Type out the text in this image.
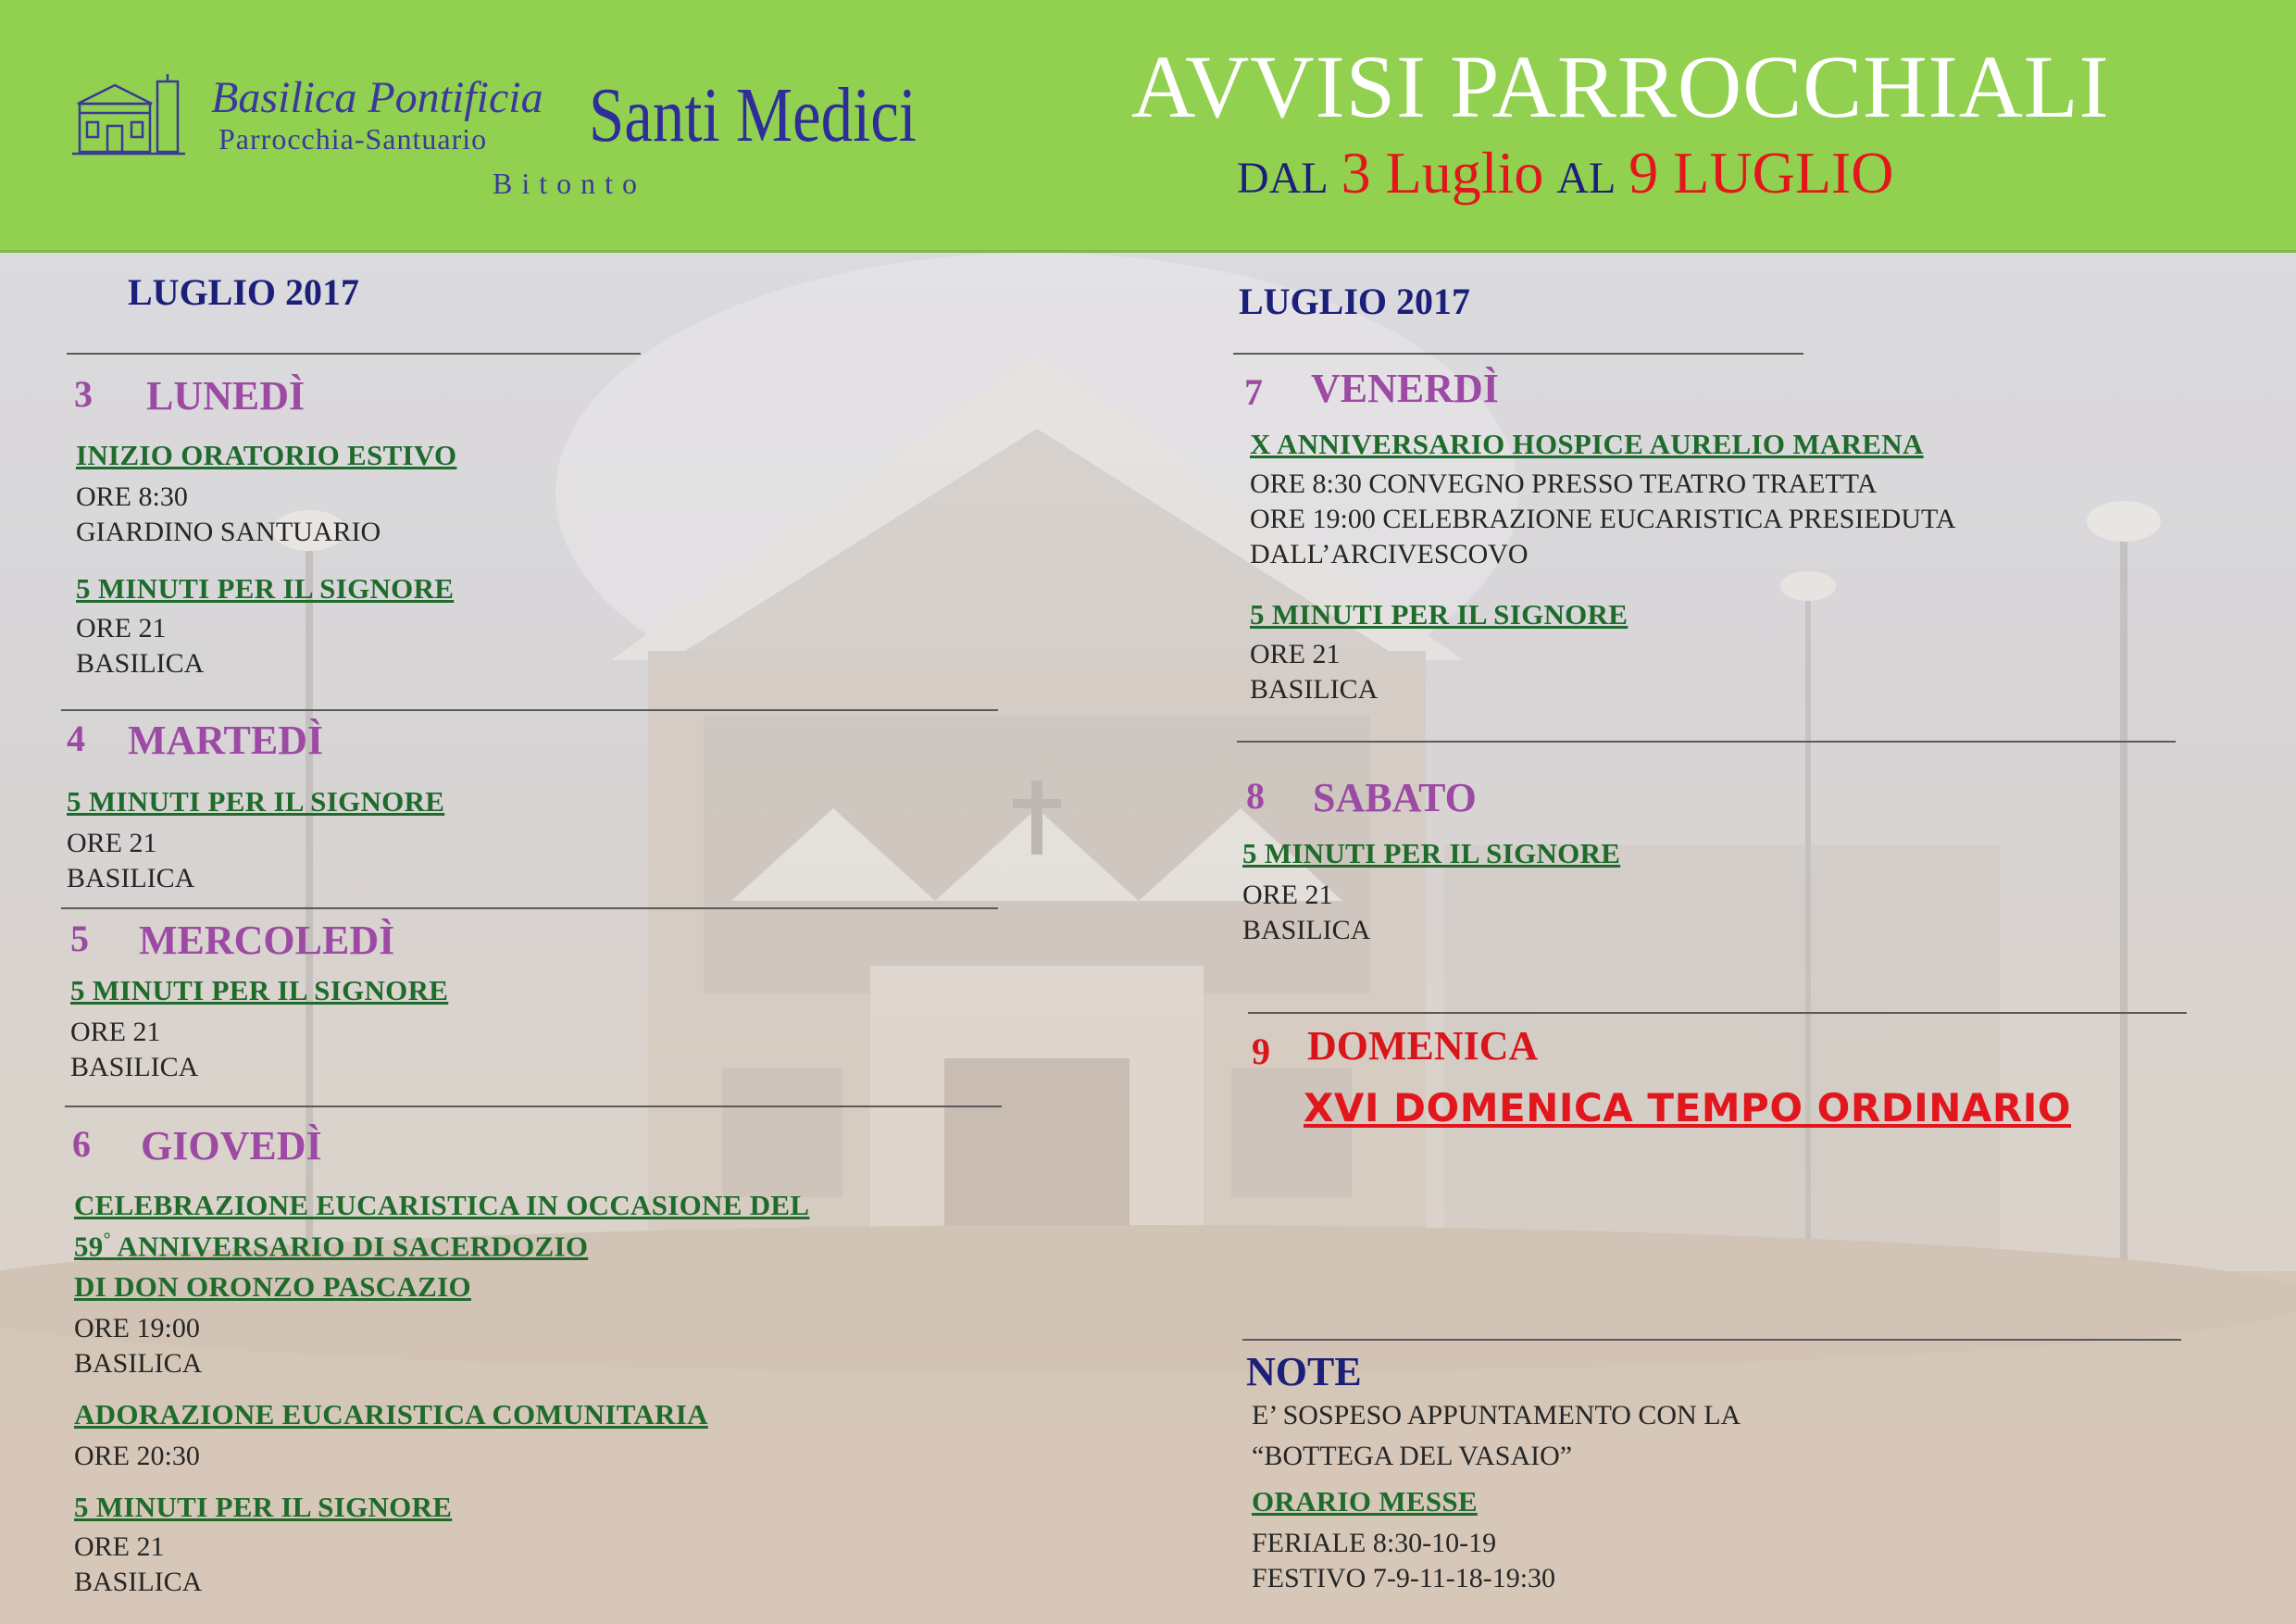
Basilica Pontificia
Parrocchia-Santuario
Bitonto
Santi Medici AVVISI PARROCCHIALI
DAL 3 Luglio AL 9 LUGLIO
LUGLIO 2017
3 LUNEDÌ
INIZIO ORATORIO ESTIVO
ORE 8:30
GIARDINO SANTUARIO
5 MINUTI PER IL SIGNORE
ORE 21
BASILICA
4 MARTEDÌ
5 MINUTI PER IL SIGNORE
ORE 21
BASILICA
5 MERCOLEDÌ
5 MINUTI PER IL SIGNORE
ORE 21
BASILICA
6 GIOVEDÌ
CELEBRAZIONE EUCARISTICA IN OCCASIONE DEL
59° ANNIVERSARIO DI SACERDOZIO
DI DON ORONZO PASCAZIO
ORE 19:00
BASILICA
ADORAZIONE EUCARISTICA COMUNITARIA
ORE 20:30
5 MINUTI PER IL SIGNORE
ORE 21
BASILICA
LUGLIO 2017
7 VENERDÌ
X ANNIVERSARIO HOSPICE AURELIO MARENA
ORE 8:30 CONVEGNO PRESSO TEATRO TRAETTA
ORE 19:00 CELEBRAZIONE EUCARISTICA PRESIEDUTA
DALL’ARCIVESCOVO
5 MINUTI PER IL SIGNORE
ORE 21
BASILICA
8 SABATO
5 MINUTI PER IL SIGNORE
ORE 21
BASILICA
9 DOMENICA
XVI DOMENICA TEMPO ORDINARIO
NOTE
E’ SOSPESO APPUNTAMENTO CON LA
“BOTTEGA DEL VASAIO”
ORARIO MESSE
FERIALE 8:30-10-19
FESTIVO 7-9-11-18-19:30
